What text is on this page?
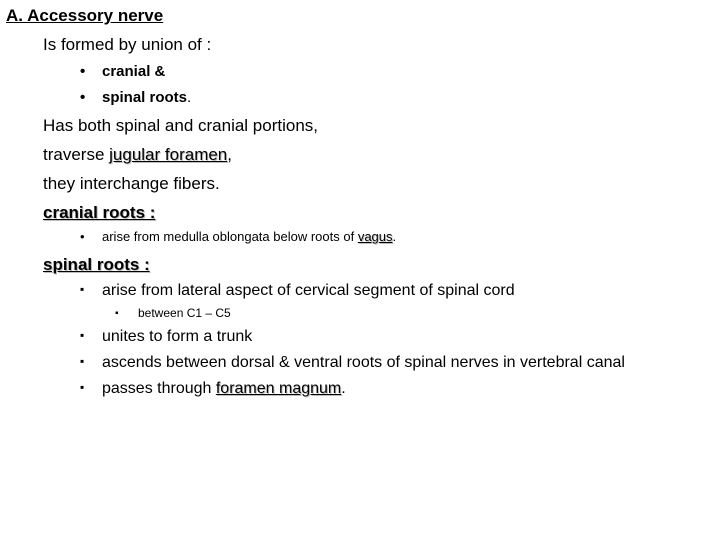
A. Accessory nerve
Is formed by union of :
• cranial &
• spinal roots.
Has both spinal and cranial portions,
traverse jugular foramen,
they interchange fibers.
cranial roots :
• arise from medulla oblongata below roots of vagus.
spinal roots :
▪ arise from lateral aspect of cervical segment of spinal cord
▪ between C1 – C5
▪ unites to form a trunk
▪ ascends between dorsal & ventral roots of spinal nerves in vertebral canal
▪ passes through foramen magnum.
